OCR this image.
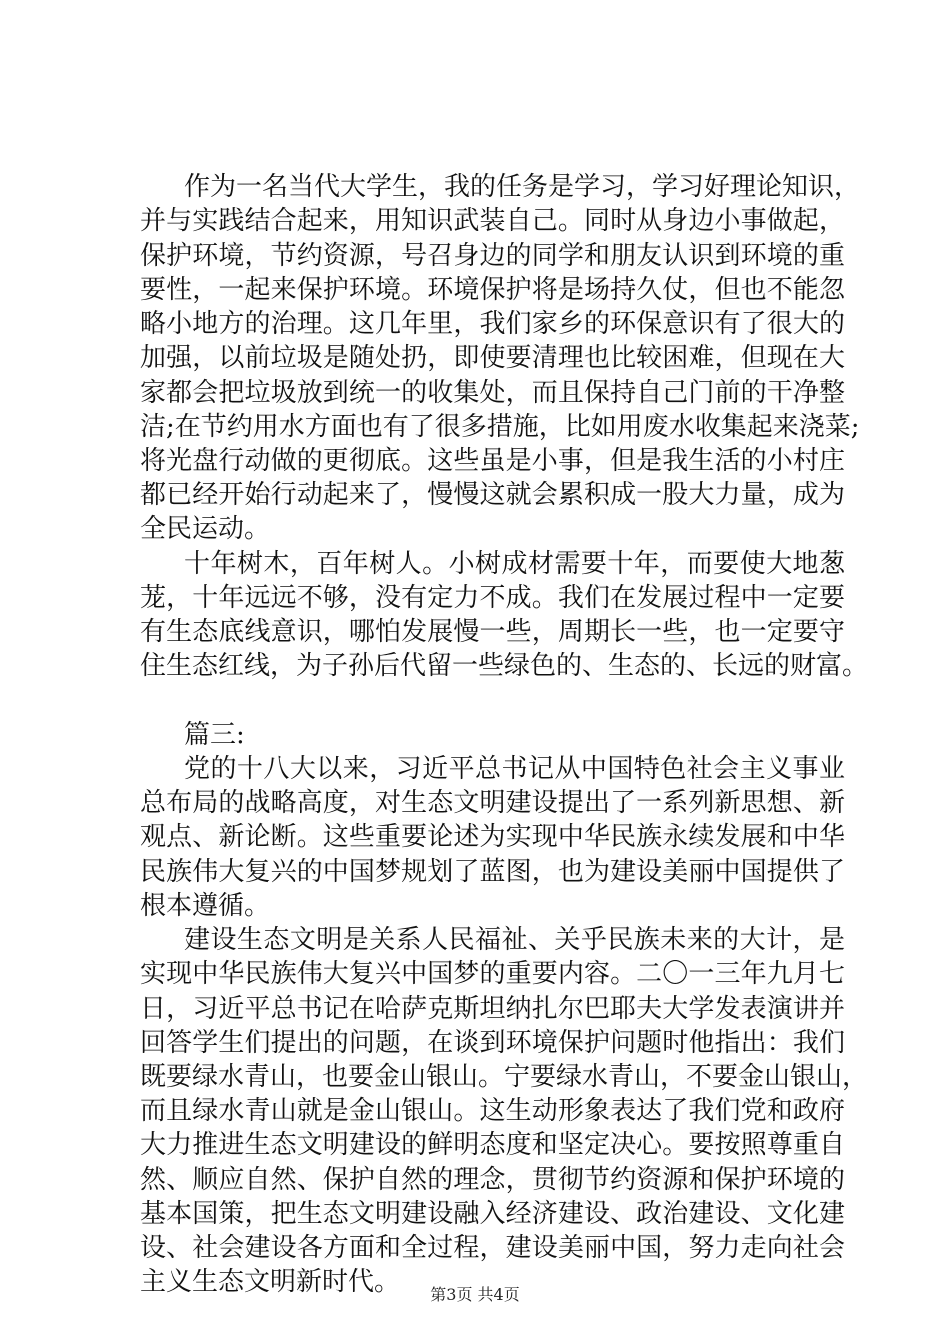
作为一名当代大学生，我的任务是学习，学习好理论知识，
并与实践结合起来，用知识武装自己。同时从身边小事做起，
保护环境，节约资源，号召身边的同学和朋友认识到环境的重
要性，一起来保护环境。环境保护将是场持久仗，但也不能忽
略小地方的治理。这几年里，我们家乡的环保意识有了很大的
加强，以前垃圾是随处扔，即使要清理也比较困难，但现在大
家都会把垃圾放到统一的收集处，而且保持自己门前的干净整
洁;在节约用水方面也有了很多措施，比如用废水收集起来浇菜;
将光盘行动做的更彻底。这些虽是小事，但是我生活的小村庄
都已经开始行动起来了，慢慢这就会累积成一股大力量，成为
全民运动。
十年树木，百年树人。小树成材需要十年，而要使大地葱
茏，十年远远不够，没有定力不成。我们在发展过程中一定要
有生态底线意识，哪怕发展慢一些，周期长一些，也一定要守
住生态红线，为子孙后代留一些绿色的、生态的、长远的财富。
篇三:
党的十八大以来，习近平总书记从中国特色社会主义事业
总布局的战略高度，对生态文明建设提出了一系列新思想、新
观点、新论断。这些重要论述为实现中华民族永续发展和中华
民族伟大复兴的中国梦规划了蓝图，也为建设美丽中国提供了
根本遵循。
建设生态文明是关系人民福祉、关乎民族未来的大计，是
实现中华民族伟大复兴中国梦的重要内容。二〇一三年九月七
日，习近平总书记在哈萨克斯坦纳扎尔巴耶夫大学发表演讲并
回答学生们提出的问题，在谈到环境保护问题时他指出：我们
既要绿水青山，也要金山银山。宁要绿水青山，不要金山银山，
而且绿水青山就是金山银山。这生动形象表达了我们党和政府
大力推进生态文明建设的鲜明态度和坚定决心。要按照尊重自
然、顺应自然、保护自然的理念，贯彻节约资源和保护环境的
基本国策，把生态文明建设融入经济建设、政治建设、文化建
设、社会建设各方面和全过程，建设美丽中国，努力走向社会
主义生态文明新时代。	第3页 共4页
